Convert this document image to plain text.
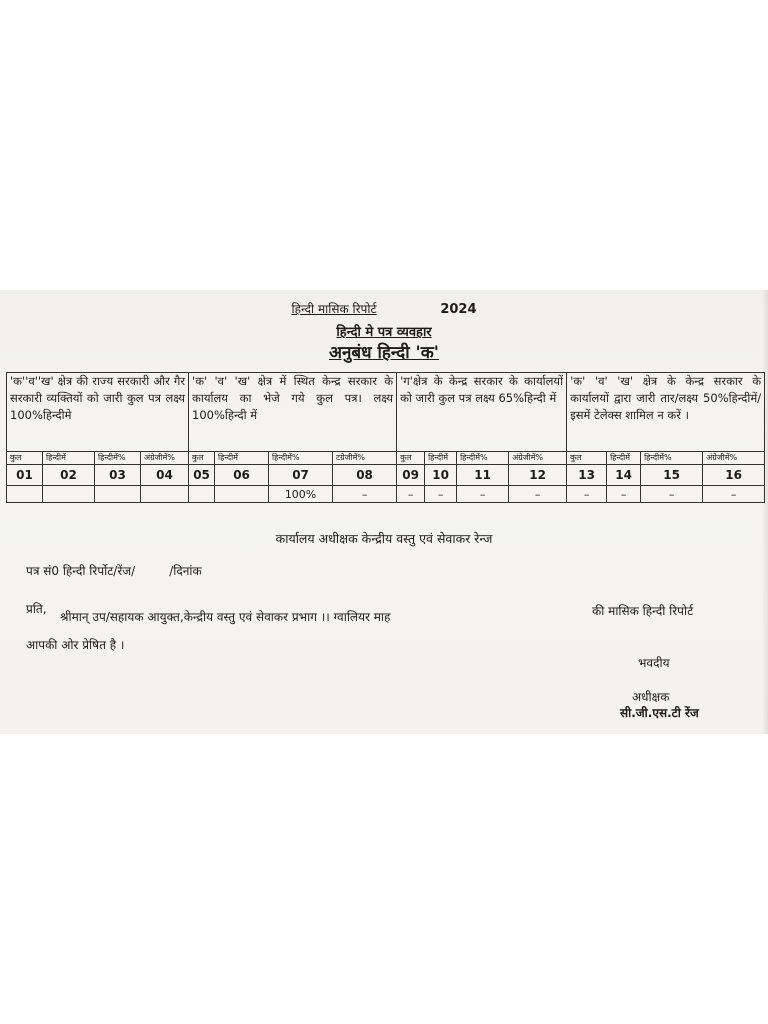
हिन्दी मासिक रिपोर्ट	2024
हिन्दी मे पत्र व्यवहार
अनुबंध हिन्दी 'क'
'क''व''ख' क्षेत्र की राज्य सरकारी और गैर सरकारी व्यक्तियों को जारी कुल पत्र लक्ष्य 100%हिन्दीमे				'क' 'व' 'ख' क्षेत्र में स्थित केन्द्र सरकार के कार्यालय का भेजे गये कुल पत्र। लक्ष्य 100%हिन्दी में				'ग'क्षेत्र के केन्द्र सरकार के कार्यालयों को जारी कुल पत्र लक्ष्य 65%हिन्दी में				'क' 'व' 'ख' क्षेत्र के केन्द्र सरकार के कार्यालयों द्वारा जारी तार/लक्ष्य 50%हिन्दीमें/इसमें टेलेक्स शामिल न करें ।			
कुल	हिन्दीमें	हिन्दीमें%	अंग्रेजीमें%	कुल	हिन्दीमें	हिन्दीमें%	टग्रेजीमें%	कुल	हिन्दीमें	हिन्दीमें%	अंग्रेजीमें%	कुल	हिन्दीमें	हिन्दीमें%	अंग्रेजीमें%
01	02	03	04	05	06	07	08	09	10	11	12	13	14	15	16
						100%	–	–	–	–	–	–	–	–	–
कार्यालय अधीक्षक केन्द्रीय वस्तु एवं सेवाकर रेन्ज
पत्र सं0 हिन्दी रिर्पोट/रेंज/	/दिनांक
प्रति,
श्रीमान् उप/सहायक आयुक्त,केन्द्रीय वस्तु एवं सेवाकर प्रभाग ।। ग्वालियर माह	की मासिक हिन्दी रिपोर्ट
आपकी ओर प्रेषित है ।
भवदीय
अधीक्षक
सी.जी.एस.टी रेंज
